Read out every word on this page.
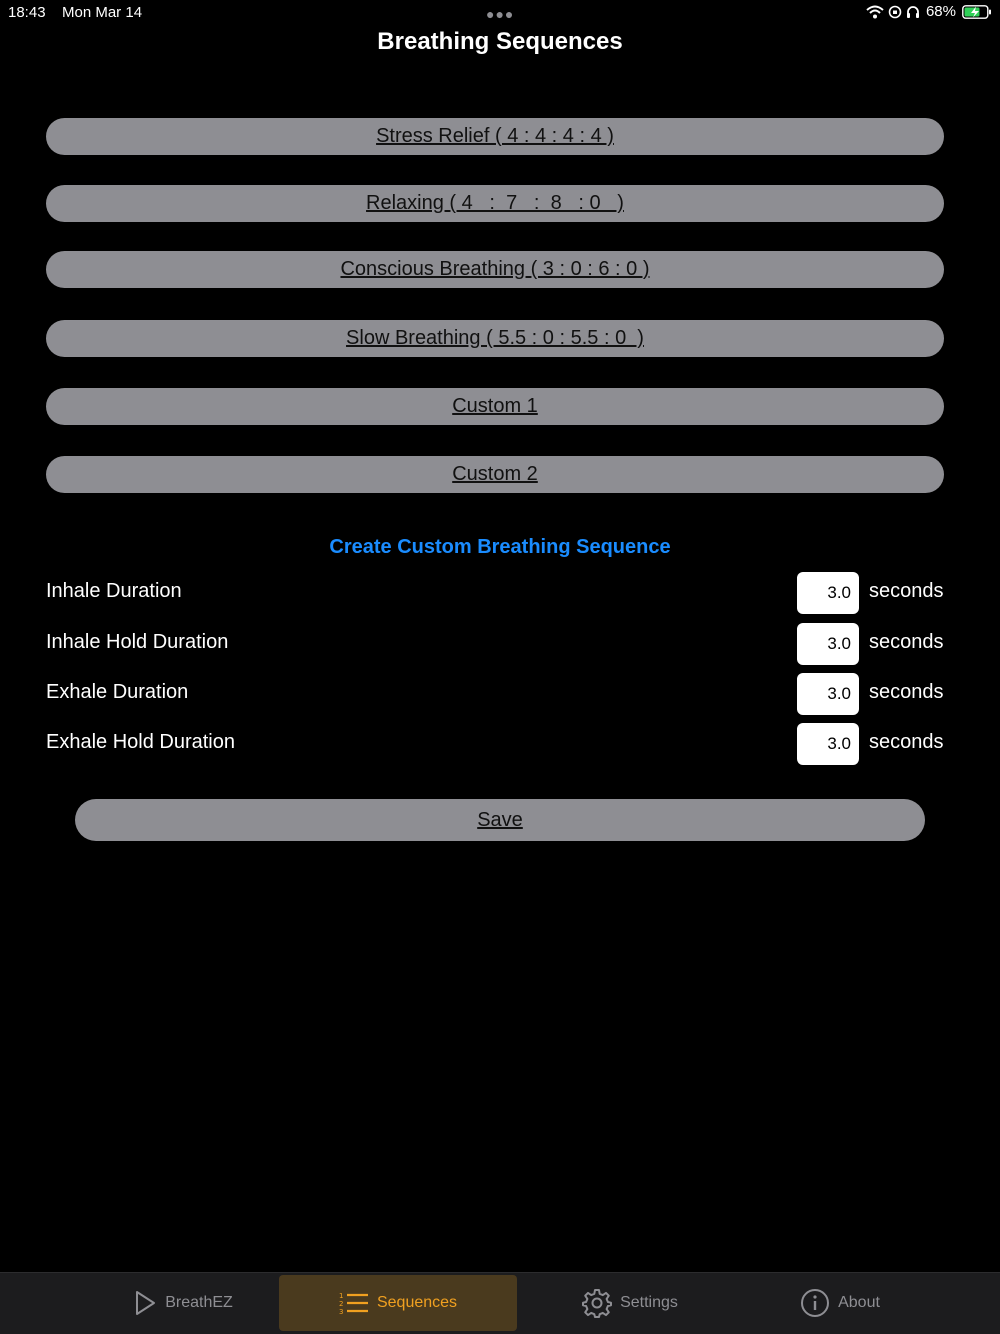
18:43 Mon Mar 14	●●●	68%
Breathing Sequences
Stress Relief ( 4 : 4 : 4 : 4 )
Relaxing ( 4   :  7   :  8   : 0   )
Conscious Breathing ( 3 : 0 : 6 : 0 )
Slow Breathing ( 5.5 : 0 : 5.5 : 0  )
Custom 1
Custom 2
Create Custom Breathing Sequence
Inhale Duration
3.0	seconds
Inhale Hold Duration
3.0	seconds
Exhale Duration
3.0	seconds
Exhale Hold Duration
3.0	seconds
Save
BreathEZ	1
2
3
Sequences	Settings	About
